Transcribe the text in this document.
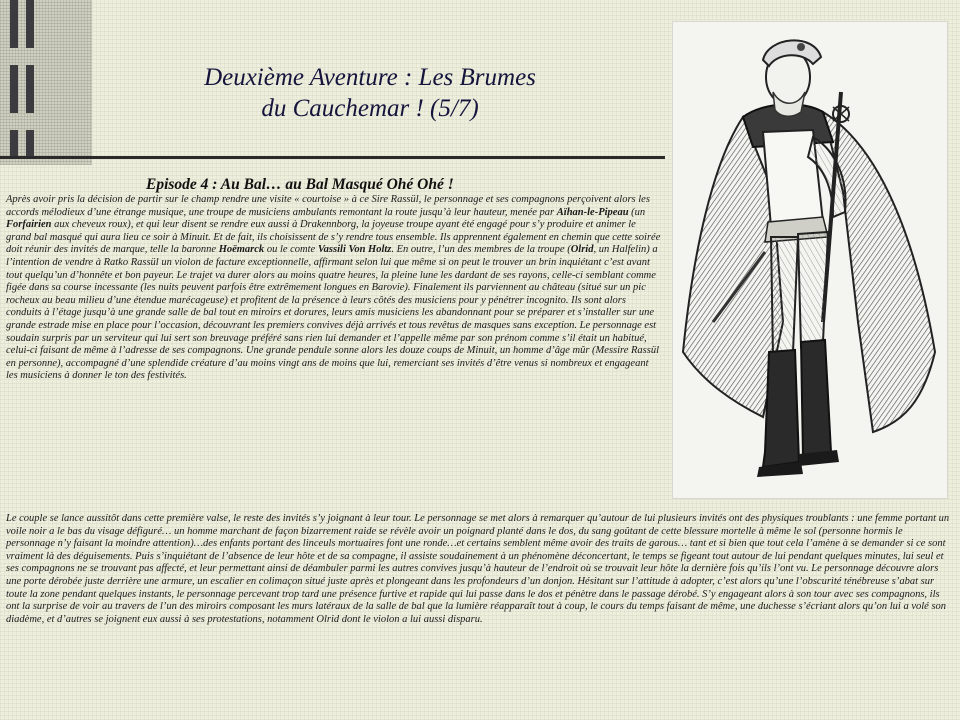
Deuxième Aventure : Les Brumes
du Cauchemar ! (5/7)
Episode 4 : Au Bal… au Bal Masqué Ohé Ohé !

Après avoir pris la décision de partir sur le champ rendre une visite « courtoise » à ce Sire Rassül, le personnage et ses compagnons perçoivent alors les accords mélodieux d’une étrange musique, une troupe de musiciens ambulants remontant la route jusqu’à leur hauteur, menée par Aïhan-le-Pipeau (un Forfairien aux cheveux roux), et qui leur disent se rendre eux aussi à Drakennborg, la joyeuse troupe ayant été engagé pour s’y produire et animer le grand bal masqué qui aura lieu ce soir à Minuit. Et de fait, ils choisissent de s’y rendre tous ensemble. Ils apprennent également en chemin que cette soirée doit réunir des invités de marque, telle la baronne Hoëmarck ou le comte Vassili Von Holtz. En outre, l’un des membres de la troupe (Olrid, un Halfelin) a l’intention de vendre à Ratko Rassül un violon de facture exceptionnelle, affirmant selon lui que même si on peut le trouver un brin inquiétant c’est avant tout quelqu’un d’honnête et bon payeur. Le trajet va durer alors au moins quatre heures, la pleine lune les dardant de ses rayons, celle-ci semblant comme figée dans sa course incessante (les nuits peuvent parfois être extrêmement longues en Barovie). Finalement ils parviennent au château (situé sur un pic rocheux au beau milieu d’une étendue marécageuse) et profitent de la présence à leurs côtés des musiciens pour y pénétrer incognito. Ils sont alors conduits à l’étage jusqu’à une grande salle de bal tout en miroirs et dorures, leurs amis musiciens les abandonnant pour se préparer et s’installer sur une grande estrade mise en place pour l’occasion, découvrant les premiers convives déjà arrivés et tous revêtus de masques sans exception. Le personnage est soudain surpris par un serviteur qui lui sert son breuvage préféré sans rien lui demander et l’appelle même par son prénom comme s’il était un habitué, celui-ci faisant de même à l’adresse de ses compagnons. Une grande pendule sonne alors les douze coups de Minuit, un homme d’âge mûr (Messire Rassül en personne), accompagné d’une splendide créature d’au moins vingt ans de moins que lui, remerciant ses invités d’être venus si nombreux et engageant les musiciens à donner le ton des festivités.

Le couple se lance aussitôt dans cette première valse, le reste des invités s’y joignant à leur tour. Le personnage se met alors à remarquer qu’autour de lui plusieurs invités ont des physiques troublants : une femme portant un voile noir a le bas du visage défiguré… un homme marchant de façon bizarrement raide se révèle avoir un poignard planté dans le dos, du sang goûtant de cette blessure mortelle à même le sol (personne hormis le personnage n’y faisant la moindre attention)…des enfants portant des linceuls mortuaires font une ronde…et certains semblent même avoir des traits de garous… tant et si bien que tout cela l’amène à se demander si ce sont vraiment là des déguisements. Puis s’inquiétant de l’absence de leur hôte et de sa compagne, il assiste soudainement à un phénomène déconcertant, le temps se figeant tout autour de lui pendant quelques minutes, lui seul et ses compagnons ne se trouvant pas affecté, et leur permettant ainsi de déambuler parmi les autres convives jusqu’à hauteur de l’endroit où se trouvait leur hôte la dernière fois qu’ils l’ont vu. Le personnage découvre alors une porte dérobée juste derrière une armure, un escalier en colimaçon situé juste après et plongeant dans les profondeurs d’un donjon. Hésitant sur l’attitude à adopter, c’est alors qu’une l’obscurité ténébreuse s’abat sur toute la zone pendant quelques instants, le personnage percevant trop tard une présence furtive et rapide qui lui passe dans le dos et pénètre dans le passage dérobé. S’y engageant alors à son tour avec ses compagnons, ils ont la surprise de voir au travers de l’un des miroirs composant les murs latéraux de la salle de bal que la lumière réapparaît tout à coup, le cours du temps faisant de même, une duchesse s’écriant alors qu’on lui a volé son diadème, et d’autres se joignent eux aussi à ses protestations, notamment Olrid dont le violon a lui aussi disparu.
